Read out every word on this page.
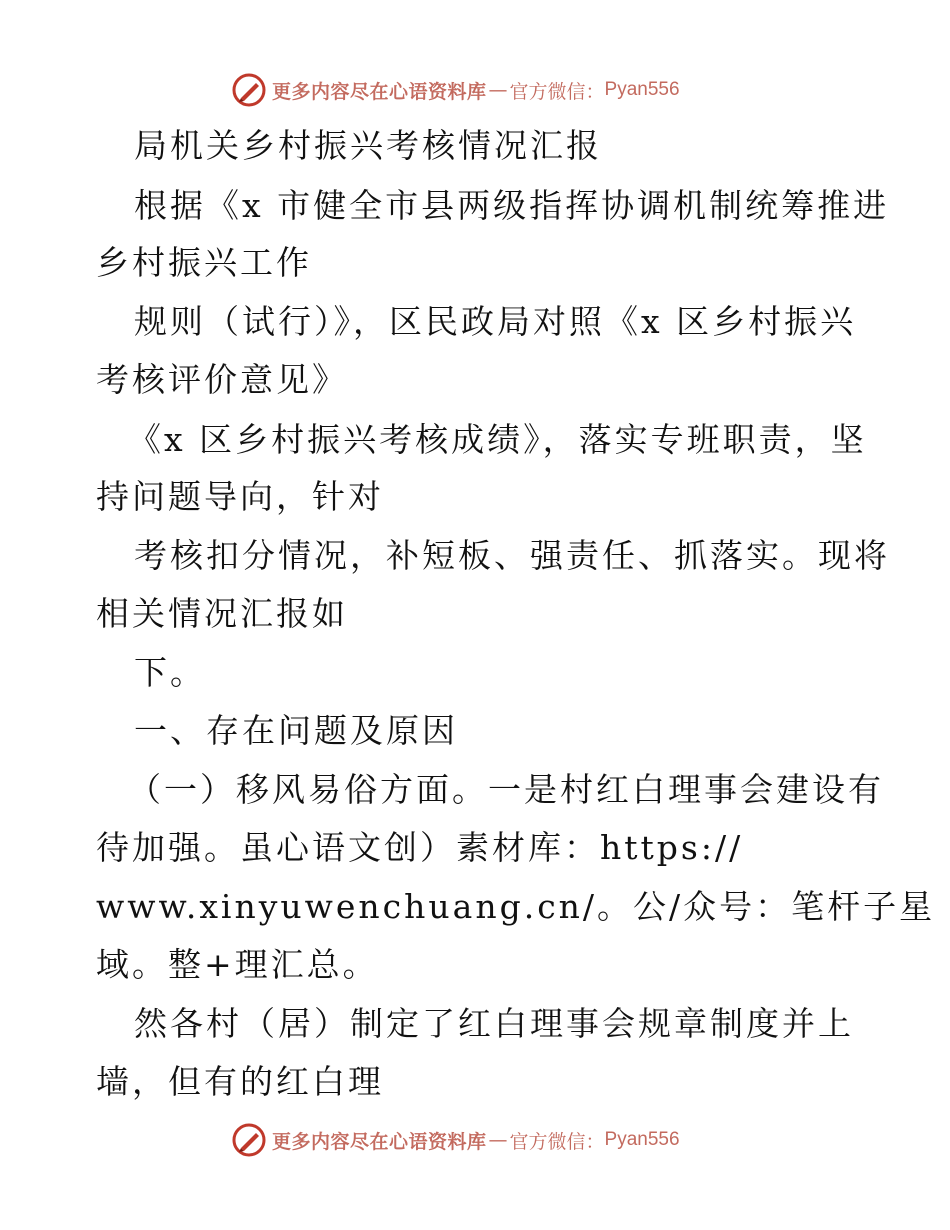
更多内容尽在心语资料库 — 官方微信： Pyan556
局机关乡村振兴考核情况汇报
根据《x 市健全市县两级指挥协调机制统筹推进
乡村振兴工作
规则（试行）》，区民政局对照《x 区乡村振兴
考核评价意见》
《x 区乡村振兴考核成绩》，落实专班职责，坚
持问题导向，针对
考核扣分情况，补短板、强责任、抓落实。现将
相关情况汇报如
下。
一、存在问题及原因
（一）移风易俗方面。一是村红白理事会建设有
待加强。虽心语文创）素材库：https://
www.xinyuwenchuang.cn/。公/众号：笔杆子星
域。整+理汇总。
然各村（居）制定了红白理事会规章制度并上
墙，但有的红白理
更多内容尽在心语资料库 — 官方微信： Pyan556
